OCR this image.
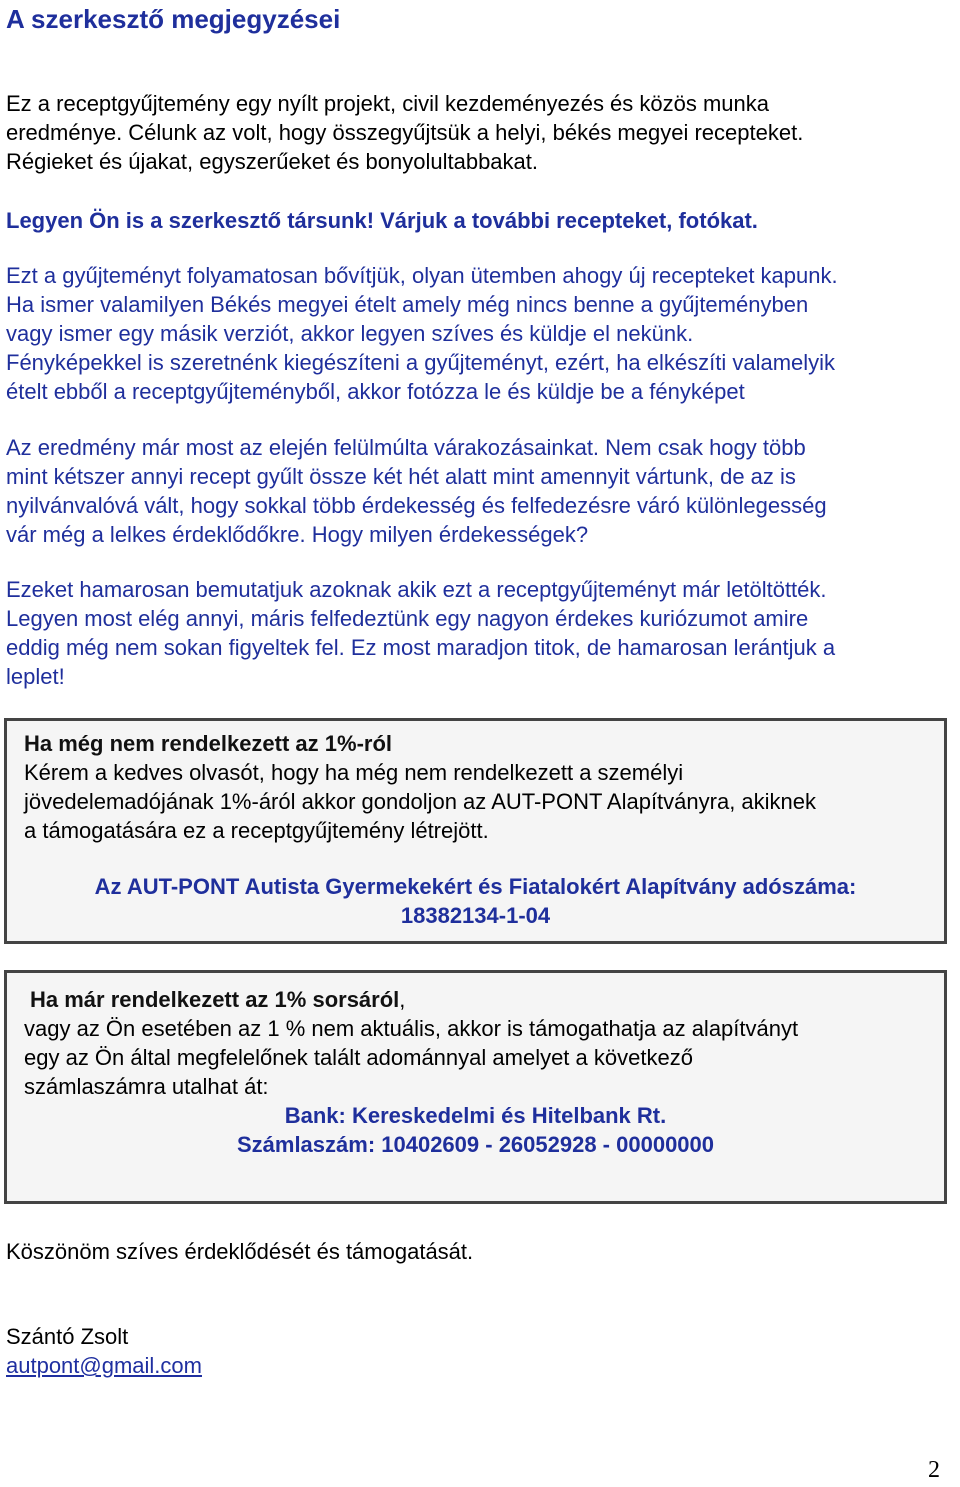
A szerkesztő megjegyzései
Ez a receptgyűjtemény egy nyílt projekt, civil kezdeményezés és közös munka
eredménye. Célunk az volt, hogy összegyűjtsük a helyi, békés megyei recepteket.
Régieket és újakat, egyszerűeket és bonyolultabbakat.
Legyen Ön is a szerkesztő társunk! Várjuk a további recepteket, fotókat.
Ezt a gyűjteményt folyamatosan bővítjük, olyan ütemben ahogy új recepteket kapunk.
Ha ismer valamilyen Békés megyei ételt amely még nincs benne a gyűjteményben
vagy ismer egy másik verziót, akkor legyen szíves és küldje el nekünk.
Fényképekkel is szeretnénk kiegészíteni a gyűjteményt, ezért, ha elkészíti valamelyik
ételt ebből a receptgyűjteményből, akkor fotózza le és küldje be a fényképet
Az eredmény már most az elején felülmúlta várakozásainkat. Nem csak hogy több
mint kétszer annyi recept gyűlt össze két hét alatt mint amennyit vártunk, de az is
nyilvánvalóvá vált, hogy sokkal több érdekesség és felfedezésre váró különlegesség
vár még a lelkes érdeklődőkre. Hogy milyen érdekességek?
Ezeket hamarosan bemutatjuk azoknak akik ezt a receptgyűjteményt már letöltötték.
Legyen most elég annyi, máris felfedeztünk egy nagyon érdekes kuriózumot amire
eddig még nem sokan figyeltek fel. Ez most maradjon titok, de hamarosan lerántjuk a
leplet!
Ha még nem rendelkezett az 1%-ról
Kérem a kedves olvasót, hogy ha még nem rendelkezett a személyi
jövedelemadójának 1%-áról akkor gondoljon az AUT-PONT Alapítványra, akiknek
a támogatására ez a receptgyűjtemény létrejött.
Az AUT-PONT Autista Gyermekekért és Fiatalokért Alapítvány adószáma:
18382134-1-04
Ha már rendelkezett az 1% sorsáról,
vagy az Ön esetében az 1 % nem aktuális, akkor is támogathatja az alapítványt
egy az Ön által megfelelőnek talált adománnyal amelyet a következő
számlaszámra utalhat át:
Bank: Kereskedelmi és Hitelbank Rt.
Számlaszám: 10402609 - 26052928 - 00000000
Köszönöm szíves érdeklődését és támogatását.
Szántó Zsolt
autpont@gmail.com
2
